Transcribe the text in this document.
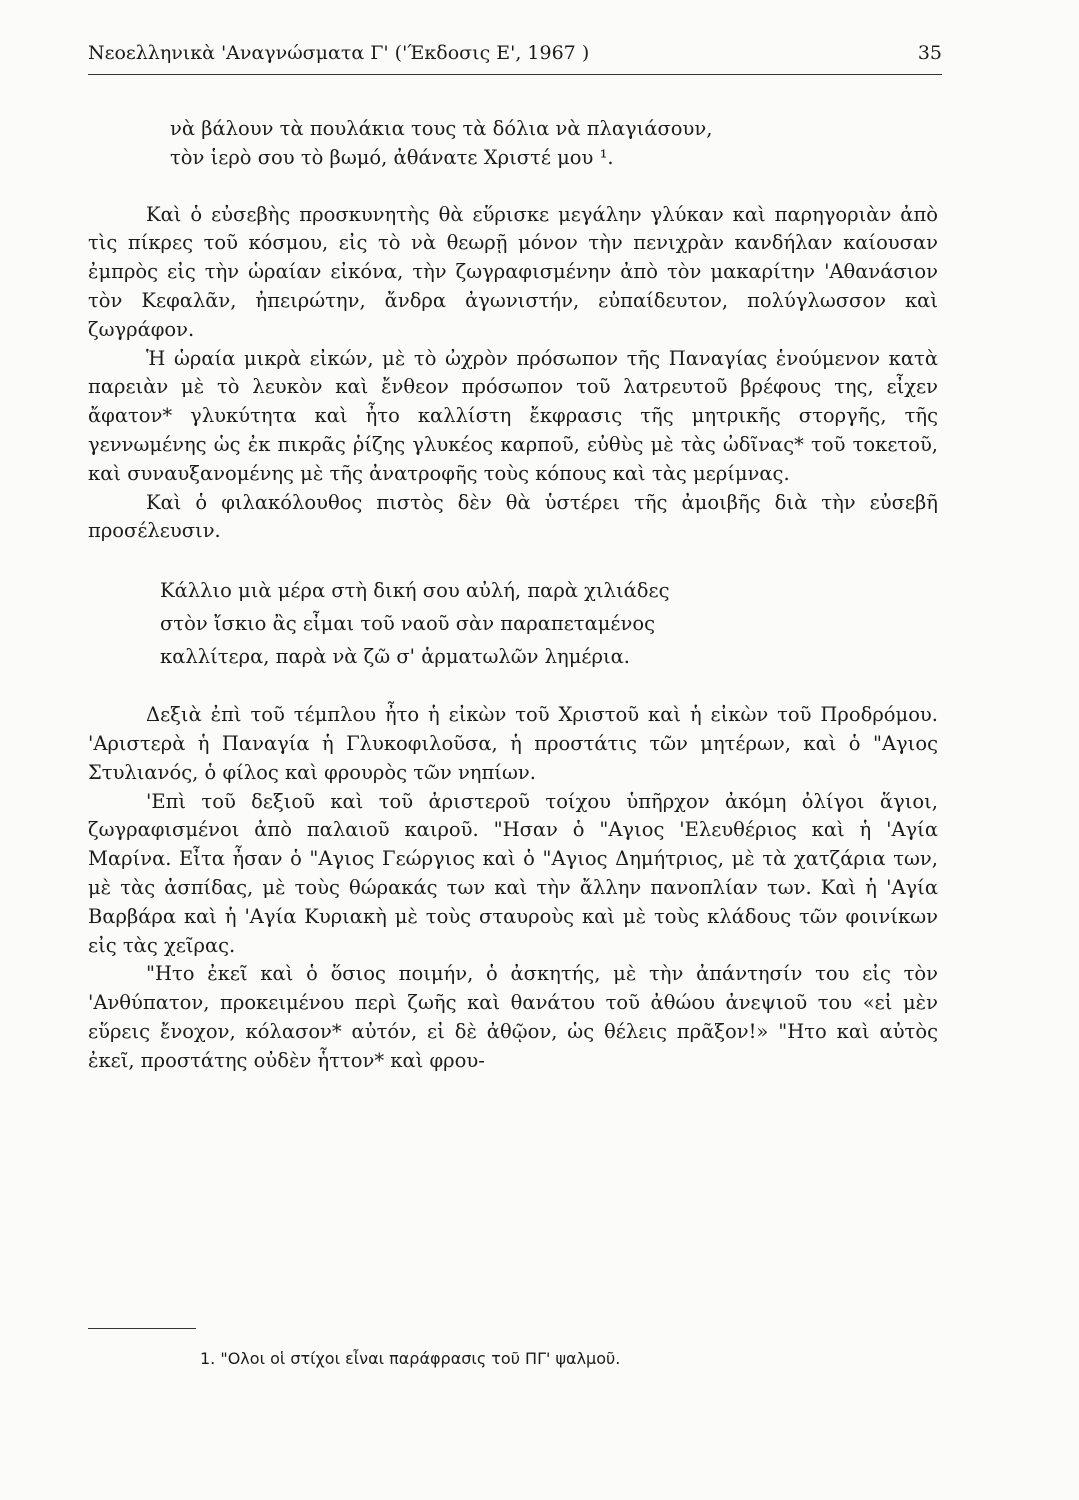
Νεοελληνικὰ 'Αναγνώσματα Γ' ('Έκδοσις Ε', 1967 )	35
νὰ βάλουν τὰ πουλάκια τους τὰ δόλια νὰ πλαγιάσουν,
τὸν ἱερὸ σου τὸ βωμό, ἀθάνατε Χριστέ μου ¹.

Καὶ ὁ εὐσεβὴς προσκυνητὴς θὰ εὕρισκε μεγάλην γλύκαν καὶ παρηγοριὰν ἀπὸ τὶς πίκρες τοῦ κόσμου, εἰς τὸ νὰ θεωρῇ μόνον τὴν πενιχρὰν κανδήλαν καίουσαν ἐμπρὸς εἰς τὴν ὡραίαν εἰκόνα, τὴν ζωγραφισμένην ἀπὸ τὸν μακαρίτην 'Αθανάσιον τὸν Κεφαλᾶν, ἠπειρώτην, ἄνδρα ἀγωνιστήν, εὐπαίδευτον, πολύγλωσσον καὶ ζωγράφον.

Ἡ ὡραία μικρὰ εἰκών, μὲ τὸ ὠχρὸν πρόσωπον τῆς Παναγίας ἑνούμενον κατὰ παρειὰν μὲ τὸ λευκὸν καὶ ἔνθεον πρόσωπον τοῦ λατρευτοῦ βρέφους της, εἶχεν ἄφατον* γλυκύτητα καὶ ἦτο καλλίστη ἔκφρασις τῆς μητρικῆς στοργῆς, τῆς γεννωμένης ὡς ἐκ πικρᾶς ῥίζης γλυκέος καρποῦ, εὐθὺς μὲ τὰς ὠδῖνας* τοῦ τοκετοῦ, καὶ συναυξανομένης μὲ τῆς ἀνατροφῆς τοὺς κόπους καὶ τὰς μερίμνας.

Καὶ ὁ φιλακόλουθος πιστὸς δὲν θὰ ὑστέρει τῆς ἀμοιβῆς διὰ τὴν εὐσεβῆ προσέλευσιν.

Κάλλιο μιὰ μέρα στὴ δική σου αὐλή, παρὰ χιλιάδες
στὸν ἴσκιο ἂς εἶμαι τοῦ ναοῦ σὰν παραπεταμένος
καλλίτερα, παρὰ νὰ ζῶ σ' ἁρματωλῶν λημέρια.

Δεξιὰ ἐπὶ τοῦ τέμπλου ἦτο ἡ εἰκὼν τοῦ Χριστοῦ καὶ ἡ εἰκὼν τοῦ Προδρόμου. 'Αριστερὰ ἡ Παναγία ἡ Γλυκοφιλοῦσα, ἡ προστάτις τῶν μητέρων, καὶ ὁ "Αγιος Στυλιανός, ὁ φίλος καὶ φρουρὸς τῶν νηπίων.

'Επὶ τοῦ δεξιοῦ καὶ τοῦ ἀριστεροῦ τοίχου ὑπῆρχον ἀκόμη ὀλίγοι ἅγιοι, ζωγραφισμένοι ἀπὸ παλαιοῦ καιροῦ. "Ησαν ὁ "Αγιος 'Ελευθέριος καὶ ἡ 'Αγία Μαρίνα. Εἶτα ἦσαν ὁ "Αγιος Γεώργιος καὶ ὁ "Αγιος Δημήτριος, μὲ τὰ χατζάρια των, μὲ τὰς ἀσπίδας, μὲ τοὺς θώρακάς των καὶ τὴν ἄλλην πανοπλίαν των. Καὶ ἡ 'Αγία Βαρβάρα καὶ ἡ 'Αγία Κυριακὴ μὲ τοὺς σταυροὺς καὶ μὲ τοὺς κλάδους τῶν φοινίκων εἰς τὰς χεῖρας.

"Ητο ἐκεῖ καὶ ὁ ὅσιος ποιμήν, ὁ ἀσκητής, μὲ τὴν ἀπάντησίν του εἰς τὸν 'Ανθύπατον, προκειμένου περὶ ζωῆς καὶ θανάτου τοῦ ἀθώου ἀνεψιοῦ του «εἰ μὲν εὕρεις ἔνοχον, κόλασον* αὐτόν, εἰ δὲ ἀθῷον, ὡς θέλεις πρᾶξον!» "Ητο καὶ αὐτὸς ἐκεῖ, προστάτης οὐδὲν ἧττον* καὶ φρου-

1. "Ολοι οἱ στίχοι εἶναι παράφρασις τοῦ ΠΓ' ψαλμοῦ.
